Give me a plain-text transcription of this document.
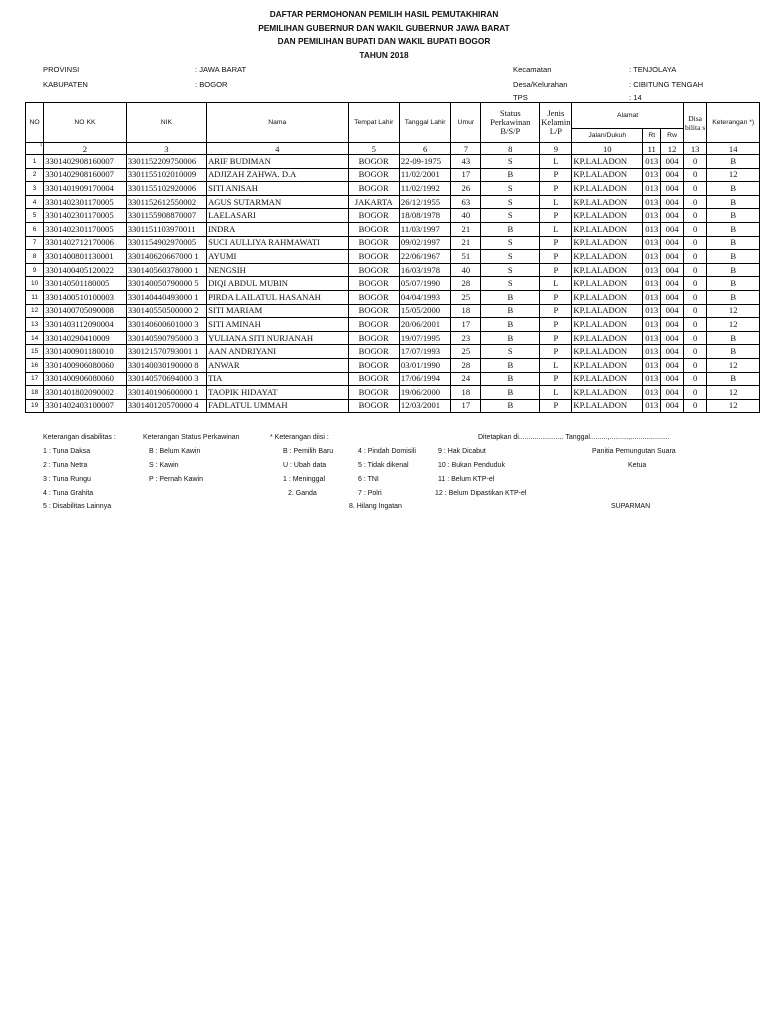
DAFTAR PERMOHONAN PEMILIH HASIL PEMUTAKHIRAN
PEMILIHAN GUBERNUR DAN WAKIL GUBERNUR JAWA BARAT
DAN PEMILIHAN BUPATI DAN WAKIL BUPATI BOGOR
TAHUN 2018
PROVINSI	: JAWA BARAT
KABUPATEN	: BOGOR
Kecamatan	: TENJOLAYA
Desa/Kelurahan	: CIBITUNG TENGAH
TPS	: 14
NO	NO KK	NIK	Nama	Tempat Lahir	Tanggal Lahir	Umur	Status Perkawinan B/S/P	Jenis Kelamin L/P	Alamat			Disa bilita s	Keterangan *)
									Jalan/Dukuh	Rt	Rw		
1	2	3	4	5	6	7	8	9	10	11	12	13	14
1	3301402908160007	3301152209750006	ARIF BUDIMAN	BOGOR	22-09-1975	43	S	L	KP.LALADON	013	004	0	B
2	3301402908160007	3301155102010009	ADJIZAH ZAHWA. D.A	BOGOR	11/02/2001	17	B	P	KP.LALADON	013	004	0	12
3	3301401909170004	3301155102920006	SITI ANISAH	BOGOR	11/02/1992	26	S	P	KP.LALADON	013	004	0	B
4	3301402301170005	3301152612550002	AGUS SUTARMAN	JAKARTA	26/12/1955	63	S	L	KP.LALADON	013	004	0	B
5	3301402301170005	3301155908870007	LAELASARI	BOGOR	18/08/1978	40	S	P	KP.LALADON	013	004	0	B
6	3301402301170005	3301151103970011	INDRA	BOGOR	11/03/1997	21	B	L	KP.LALADON	013	004	0	B
7	3301402712170006	3301154902970005	SUCI AULLIYA RAHMAWATI	BOGOR	09/02/1997	21	S	P	KP.LALADON	013	004	0	B
8	3301400801130001	330140620667000 1	AYUMI	BOGOR	22/06/1967	51	S	P	KP.LALADON	013	004	0	B
9	3301400405120022	330140560378000 1	NENGSIH	BOGOR	16/03/1978	40	S	P	KP.LALADON	013	004	0	B
10	330140501180005	330140050790000 5	DIQI ABDUL MUBIN	BOGOR	05/07/1990	28	S	L	KP.LALADON	013	004	0	B
11	3301400510100003	330140440493000 1	PIRDA LAILATUL HASANAH	BOGOR	04/04/1993	25	B	P	KP.LALADON	013	004	0	B
12	3301400705090008	330140550500000 2	SITI MARIAM	BOGOR	15/05/2000	18	B	P	KP.LALADON	013	004	0	12
13	3301403112090004	330140600601000 3	SITI AMINAH	BOGOR	20/06/2001	17	B	P	KP.LALADON	013	004	0	12
14	330140290410009	330140590795000 3	YULIANA SITI NURJANAH	BOGOR	19/07/1995	23	B	P	KP.LALADON	013	004	0	B
15	3301400901180010	330121570793001 1	AAN ANDRIYANI	BOGOR	17/07/1993	25	S	P	KP.LALADON	013	004	0	B
16	3301400906080060	330140030190000 8	ANWAR	BOGOR	03/01/1990	28	B	L	KP.LALADON	013	004	0	12
17	3301400906080060	330140570694000 3	TIA	BOGOR	17/06/1994	24	B	P	KP.LALADON	013	004	0	B
18	3301401802090002	330140190600000 1	TAOPIK HIDAYAT	BOGOR	19/06/2000	18	B	L	KP.LALADON	013	004	0	12
19	3301402403100007	330140120570000 4	FADLATUL UMMAH	BOGOR	12/03/2001	17	B	P	KP.LALADON	013	004	0	12
Keterangan disabilitas :	Keterangan Status Perkawinan	* Keterangan diisi :	Ditetapkan di....................... Tanggal.........,..........,....................
1 : Tuna Daksa
2 : Tuna Netra
3 : Tuna Rungu
4 : Tuna Grahita
5 : Disabilitas Lainnya
B : Belum Kawin
S : Kawin
P : Pernah Kawin
B : Pemilih Baru
U : Ubah data
1 : Meninggal
2. Ganda
4 : Pindah Domisili
5 : Tidak dikenal
6 : TNI
7 : Polri
8. Hilang Ingatan
9 : Hak Dicabut
10 : Bukan Penduduk
11 : Belum KTP-el
12 : Belum Dipastikan KTP-el
Panitia Pemungutan Suara
Ketua
SUPARMAN
